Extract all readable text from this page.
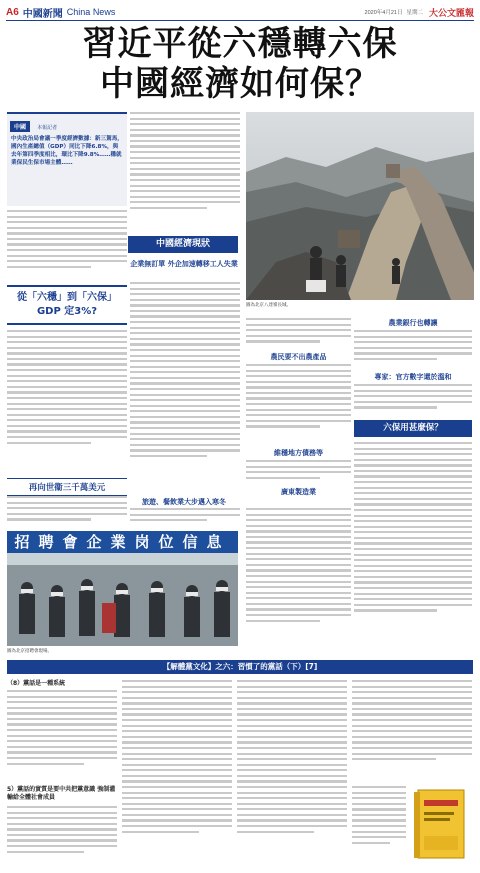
A6 中國新聞 China News	2020年4月21日 星期二 大公文匯報
習近平從六穩轉六保
中國經濟如何保？
中國 本報記者
中央政治局會議一季度經濟數據：新三駕馬，國內生產總值（GDP）同比下降6.8%，與去年第四季度相比，環比下降9.8%……穩就業保民生保市場主體……
從「六穩」到「六保」GDP 定3%?
再向世衞三千萬美元
中國經濟現狀
企業無訂單 外企加速轉移工人失業
旅遊、餐飲業大步邁入寒冬
圖為北京八達嶺長城。
農民要不出農產品
維穩地方債務等
廣東製造業
農業銀行也轉讓
專家：官方數字還於溫和
六保用甚麼保？
招聘會企業岗位信息
圖為北京招聘會現場。
【解體黨文化】之六：習慣了的黨話（下）[7]
（8）黨話是一種系統
5）黨話的實質是要中共把黨意識 強制灌輸給全體社會成員
